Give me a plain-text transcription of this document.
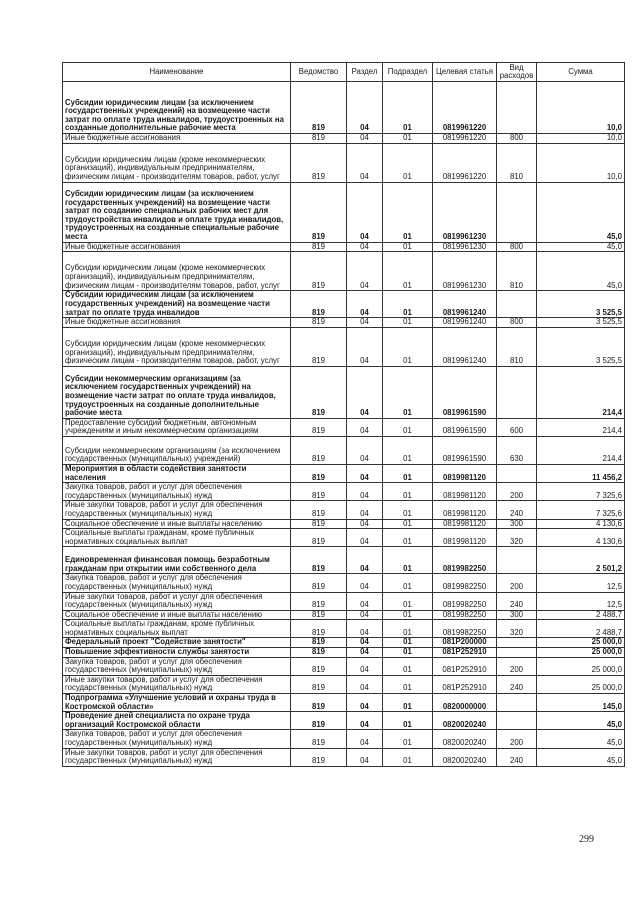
Наименование	Ведомство	Раздел	Подраздел	Целевая статья	Вид расходов	Сумма
Субсидии юридическим лицам (за исключением государственных учреждений) на возмещение части затрат по оплате труда инвалидов, трудоустроенных на созданные дополнительные рабочие места	819	04	01	0819961220		10,0
Иные бюджетные ассигнования	819	04	01	0819961220	800	10,0
Субсидии юридическим лицам (кроме некоммерческих организаций), индивидуальным предпринимателям, физическим лицам - производителям товаров, работ, услуг	819	04	01	0819961220	810	10,0
Субсидии юридическим лицам (за исключением государственных учреждений) на возмещение части затрат по созданию специальных рабочих мест для трудоустройства инвалидов и оплате труда инвалидов, трудоустроенных на созданные специальные рабочие места	819	04	01	0819961230		45,0
Иные бюджетные ассигнования	819	04	01	0819961230	800	45,0
Субсидии юридическим лицам (кроме некоммерческих организаций), индивидуальным предпринимателям, физическим лицам - производителям товаров, работ, услуг	819	04	01	0819961230	810	45,0
Субсидии юридическим лицам (за исключением государственных учреждений) на возмещение части затрат по оплате труда инвалидов	819	04	01	0819961240		3 525,5
Иные бюджетные ассигнования	819	04	01	0819961240	800	3 525,5
Субсидии юридическим лицам (кроме некоммерческих организаций), индивидуальным предпринимателям, физическим лицам - производителям товаров, работ, услуг	819	04	01	0819961240	810	3 525,5
Субсидии некоммерческим организациям (за исключением государственных учреждений) на возмещение части затрат по оплате труда инвалидов, трудоустроенных на созданные дополнительные рабочие места	819	04	01	0819961590		214,4
Предоставление субсидий бюджетным, автономным учреждениям и иным некоммерческим организациям	819	04	01	0819961590	600	214,4
Субсидии некоммерческим организациям (за исключением государственных (муниципальных) учреждений)	819	04	01	0819961590	630	214,4
Мероприятия в области содействия занятости населения	819	04	01	0819981120		11 456,2
Закупка товаров, работ и услуг для обеспечения государственных (муниципальных) нужд	819	04	01	0819981120	200	7 325,6
Иные закупки товаров, работ и услуг для обеспечения государственных (муниципальных) нужд	819	04	01	0819981120	240	7 325,6
Социальное обеспечение и иные выплаты населению	819	04	01	0819981120	300	4 130,6
Социальные выплаты гражданам, кроме публичных нормативных социальных выплат	819	04	01	0819981120	320	4 130,6
Единовременная финансовая помощь безработным гражданам при открытии ими собственного дела	819	04	01	0819982250		2 501,2
Закупка товаров, работ и услуг для обеспечения государственных (муниципальных) нужд	819	04	01	0819982250	200	12,5
Иные закупки товаров, работ и услуг для обеспечения государственных (муниципальных) нужд	819	04	01	0819982250	240	12,5
Социальное обеспечение и иные выплаты населению	819	04	01	0819982250	300	2 488,7
Социальные выплаты гражданам, кроме публичных нормативных социальных выплат	819	04	01	0819982250	320	2 488,7
Федеральный проект "Содействие занятости"	819	04	01	081P200000		25 000,0
Повышение эффективности службы занятости	819	04	01	081P252910		25 000,0
Закупка товаров, работ и услуг для обеспечения государственных (муниципальных) нужд	819	04	01	081P252910	200	25 000,0
Иные закупки товаров, работ и услуг для обеспечения государственных (муниципальных) нужд	819	04	01	081P252910	240	25 000,0
Подпрограмма «Улучшение условий и охраны труда в Костромской области»	819	04	01	0820000000		145,0
Проведение дней специалиста по охране труда организаций Костромской области	819	04	01	0820020240		45,0
Закупка товаров, работ и услуг для обеспечения государственных (муниципальных) нужд	819	04	01	0820020240	200	45,0
Иные закупки товаров, работ и услуг для обеспечения государственных (муниципальных) нужд	819	04	01	0820020240	240	45,0
299
